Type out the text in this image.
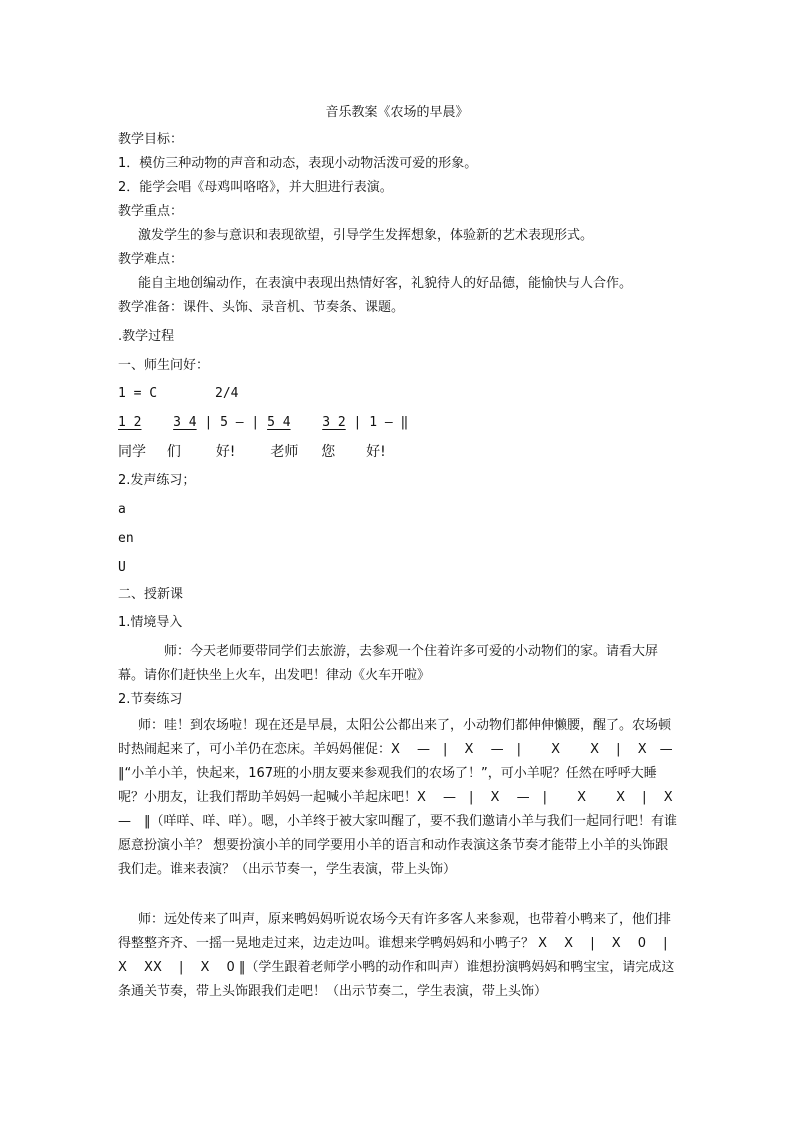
音乐教案《农场的早晨》
教学目标：
1．模仿三种动物的声音和动态，表现小动物活泼可爱的形象。
2．能学会唱《母鸡叫咯咯》，并大胆进行表演。
教学重点：
激发学生的参与意识和表现欲望，引导学生发挥想象，体验新的艺术表现形式。
教学难点：
能自主地创编动作，在表演中表现出热情好客，礼貌待人的好品德，能愉快与人合作。
教学准备：课件、头饰、录音机、节奏条、课题。
.教学过程
一、师生问好：
1 = C	2/4
1 2 3 4 | 5 — | 5 4 3 2 | 1 — ‖
同学 们 好! 老师 您 好!
2.发声练习；
a
en
U
二、授新课
1.情境导入
师：今天老师要带同学们去旅游，去参观一个住着许多可爱的小动物们的家。请看大屏幕。请你们赶快坐上火车，出发吧！律动《火车开啦》
2.节奏练习
师：哇！到农场啦！现在还是早晨，太阳公公都出来了，小动物们都伸伸懒腰，醒了。农场顿时热闹起来了，可小羊仍在恋床。羊妈妈催促：X　 —　|　 X　 —　|　　 X　　 X　 |　 X　—　‖“小羊小羊，快起来，167班的小朋友要来参观我们的农场了！”，可小羊呢？任然在呼呼大睡呢？小朋友，让我们帮助羊妈妈一起喊小羊起床吧！X　 —　|　 X　 —　|　　 X　　 X　 |　 X　—　‖（咩咩、咩、咩）。嗯，小羊终于被大家叫醒了，要不我们邀请小羊与我们一起同行吧！有谁愿意扮演小羊？ 想要扮演小羊的同学要用小羊的语言和动作表演这条节奏才能带上小羊的头饰跟我们走。谁来表演？（出示节奏一，学生表演，带上头饰）
师：远处传来了叫声，原来鸭妈妈听说农场今天有许多客人来参观，也带着小鸭来了，他们排得整整齐齐、一摇一晃地走过来，边走边叫。谁想来学鸭妈妈和小鸭子？ X　 X　 |　 X　 0　 |　 X　 XX　 |　 X　 0 ‖（学生跟着老师学小鸭的动作和叫声）谁想扮演鸭妈妈和鸭宝宝，请完成这条通关节奏，带上头饰跟我们走吧！（出示节奏二，学生表演，带上头饰）
